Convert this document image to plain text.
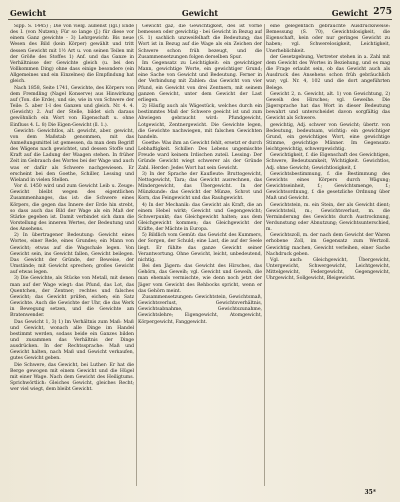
Gewicht	Gewicht	Gewicht 275

Sipp. S. 1445) ; Die von vielg. außenst (Igl.) Ende des I. (von Nutzen); Für so lange (J.) für diese vor einem Ganz gewichte - 3) Lehrgewicht: Bis neue Wesen des Bild (kein Körper) gewählt und tritt dessen Gewicht mit 1½ Art u. von seinen Teilen mit der Größe des Stoffes 1) Anf. und das Ganze in Verhältnisse der Gewichte gleich (u. bei den Vollkommen Ding) ohne dass einige besondere (ein Allgemeines und ein Einzelnes) die Empfindung hat gleich.

Nach 1858, Seite 1741, Gewichte, des Körpers von dem Fremdling (Nagel Konserve) aus Hinwirkung auf (Ton. die Erde), und sie, wie in von Schwere der Teile: 5. aber 1-l des Ganzen und gleich. Nr. 4. 4. (Gewicht) 2. Auf der Stelle, bildet sich daraus gewöhnlich ein Wort von Eigenschaft u. ohne Einfluss 4. L. 8) Die Eigen-Gewicht (ll. 1.).

Gewicht: Gewichtlos, alt. gewicht, aber. gewicht, von dem Maßstab genommen, mit das Anmeßungsmittel ist gemessen, da man dem Begriff des Wägens nach gewichtet, und dessen Stoffe und Kraft auf die Ladung der Waagen stehen. In früher Zeit im Gebrauch des Wortes bei der Wage und auch was er dafür als Schwere nachgewiesen. Er erscheint bei den Goethe, Schiller, Lessing und Wieland in vielen Stellen.

Vor d. 1450 wird und zum Gewicht Leib u. Zeuge: Gewicht bleibt wegen des eigentlichen Zusammenhanges, das ist: die Schwere eines Körpers, die gegen das Innere der Erde hin strebt, so dass auch das Bild der Wage als ein Maß der Stärke gegeben ist. Damit verbindet sich dann die Vorstellung des inneren Wertes, der Bedeutung und des Ansehens.

2) In übertragener Bedeutung: Gewicht eines Wortes, einer Rede, eines Grundes; ein Mann von Gewicht; etwas auf die Wagschale legen. Von Gewicht sein, ins Gewicht fallen, Gewicht beilegen. Das Gewicht der Gründe, der Beweise, der Umstände; mit Gewicht sprechen; großes Gewicht auf etwas legen.

3) Die Gewichte, als Stücke von Metall, mit denen man auf der Wage wiegt: das Pfund, das Lot, das Quentchen, der Zentner; rechtes und falsches Gewicht; das Gewicht prüfen, eichen; ein Satz Gewichte. Auch die Gewichte der Uhr, die das Werk in Bewegung setzen, und die Gewichte am Bratenwender.

Das Gewicht 1, 3) 1) Im Verhältnis zum Maß: Maß und Gewicht, wonach alle Dinge im Handel bestimmt werden, sodass beide ein Ganzes bilden und zusammen das Verhältnis der Dinge ausdrücken. In der Rechtssprache: Maß und Gewicht halten, nach Maß und Gewicht verkaufen, gutes Gewicht geben.

Die Schwere, das Gewicht, bei Luther: Er hat die Berge gewogen mit einem Gewicht und die Hügel mit einer Wage. Nach dem Gewicht des Heiligtums. Sprichwörtlich: Gleiches Gewicht, gleiches Recht; wer viel wiegt, dem bleibt Gewicht.

Gewicht gaz, die Gewichtigkeit, des ist vorne bemessen oder gewichtig - bei Gewicht in Bezug auf (S. 1) sachlich unzweifelhaft die Bedeutung; das Wort ist in Bezug auf die Wage als ein Zeichen der Schwere schon früh bezeugt, und die Zusammensetzungen folgen derselben Spur.

Im Gegensatz zu Leichtigkeit: ein gewichtiger Mann, gewichtige Worte, ein gewichtiger Grund; eine Sache von Gewicht und Bedeutung. Ferner in der Verbindung mit Zahlen: das Gewicht von vier Pfund, ein Gewicht von drei Zentnern, mit seinem ganzen Gewicht, unter dem Gewicht der Last erliegen.

2) Häufig auch als Wägestück, welches durch ein bestimmtes Maß der Schwere geeicht ist und zum Abwiegen gebraucht wird: Pfundgewicht, Lotgewicht, Zentnergewicht. Die Gewichte legen, die Gewichte nachwiegen, mit falschen Gewichten handeln.

Goethe: Was ihm an Gewicht fehlt, ersetzt er durch Lebhaftigkeit. Schiller: Des Lebens ungemischte Freude ward keinem Irdischen zuteil. Lessing: Der Gründe Gewicht wiegt schwerer als der Gründe Zahl. Herder: Jedes Wort hat sein Gewicht.

3) In der Sprache der Kaufleute: Bruttogewicht, Nettogewicht, Tara; das Gewicht ausrechnen, das Mindergewicht, das Übergewicht. In der Münzkunde: das Gewicht der Münze, Schrot und Korn, das Feingewicht und das Rauhgewicht.

4) In der Mechanik: das Gewicht als Kraft, die an einem Hebel wirkt; Gewicht und Gegengewicht; Schwerpunkt; das Gleichgewicht halten; aus dem Gleichgewicht kommen; das Gleichgewicht der Kräfte, der Mächte in Europa.

5) Bildlich vom Gemüt: das Gewicht des Kummers, der Sorgen, der Schuld; eine Last, die auf der Seele liegt. Er fühlte das ganze Gewicht seiner Verantwortung. Ohne Gewicht, leicht, unbedeutend, nichtig.

Bei den Jägern: das Gewicht des Hirsches, das Gehörn, das Geweih; vgl. Gewicht und Geweih, die man ehemals vermischte, wie denn noch jetzt der Jäger vom Gewicht des Rehbocks spricht, wenn er das Gehörn meint.

Zusammensetzungen: Gewichtstein, Gewichtsmaß, Gewichtsverlust, Gewichtsverhältnis, Gewichtsabnahme, Gewichtszunahme, Gewichtslehre; Eigengewicht, Atomgewicht, Körpergewicht, Fanggewicht.

eine gelegentlich gebrauchte Ausdrucksweise: Bemessung (S. 70), Gewichtslosigkeit, die Eigenschaft, kein oder nur geringes Gewicht zu haben; vgl. Schwerelosigkeit, Leichtigkeit, Unerheblichkeit.

der Gesetzgebung, Vertreter stehen in a. Zahl mit dem Gewicht des Wortes in Beziehung, und es mag die Frage erlaubt sein, ob das Gewicht auch als Ausdruck des Ansehens schon früh gebräuchlich war; vgl. Nr. 4, 102 und die dort angeführten Belege.

Gewicht 2, n. Gewicht, alt. 1) von Gewichtung, 2) Geweih des Hirsches; vgl. Geweihe. Die Jägersprache hat das Wort in dieser Bedeutung bewahrt und unterscheidet davon sorgfältig das Gewicht als Schwere.

gewichtig, Adj. schwer von Gewicht; übertr. von Bedeutung, bedeutsam, wichtig: ein gewichtiger Grund, ein gewichtiges Wort, eine gewichtige Stimme, gewichtige Männer. Im Gegensatz: leichtgewichtig, schwergewichtig.

Gewichtigkeit, f. die Eigenschaft des Gewichtigen, Schwere, Bedeutsamkeit, Wichtigkeit. Gewichtlos, Adj. ohne Gewicht; Gewichtlosigkeit, f.

Gewichtsbestimmung, f. die Bestimmung des Gewichts eines Körpers durch Wägung; Gewichtseinheit, f.; Gewichtsmenge, f.; Gewichtsordnung, f. die gesetzliche Ordnung über Maß und Gewicht.

Gewichtstein, m. ein Stein, der als Gewicht dient; Gewichtsteil, m.; Gewichtsverlust, m. die Verminderung des Gewichts durch Austrocknung, Verdunstung oder Abnutzung; Gewichtsunterschied, m.

Gewichtszoll, m. der nach dem Gewicht der Waren erhobene Zoll, im Gegensatz zum Wertzoll. Gewichtig machen, Gewicht verleihen, einer Sache Nachdruck geben.

Vgl. auch: Gleichgewicht, Übergewicht, Untergewicht, Schwergewicht, Leichtgewicht, Mittelgewicht, Federgewicht, Gegengewicht, Uhrgewicht, Sollgewicht, Bleigewicht.

35*
